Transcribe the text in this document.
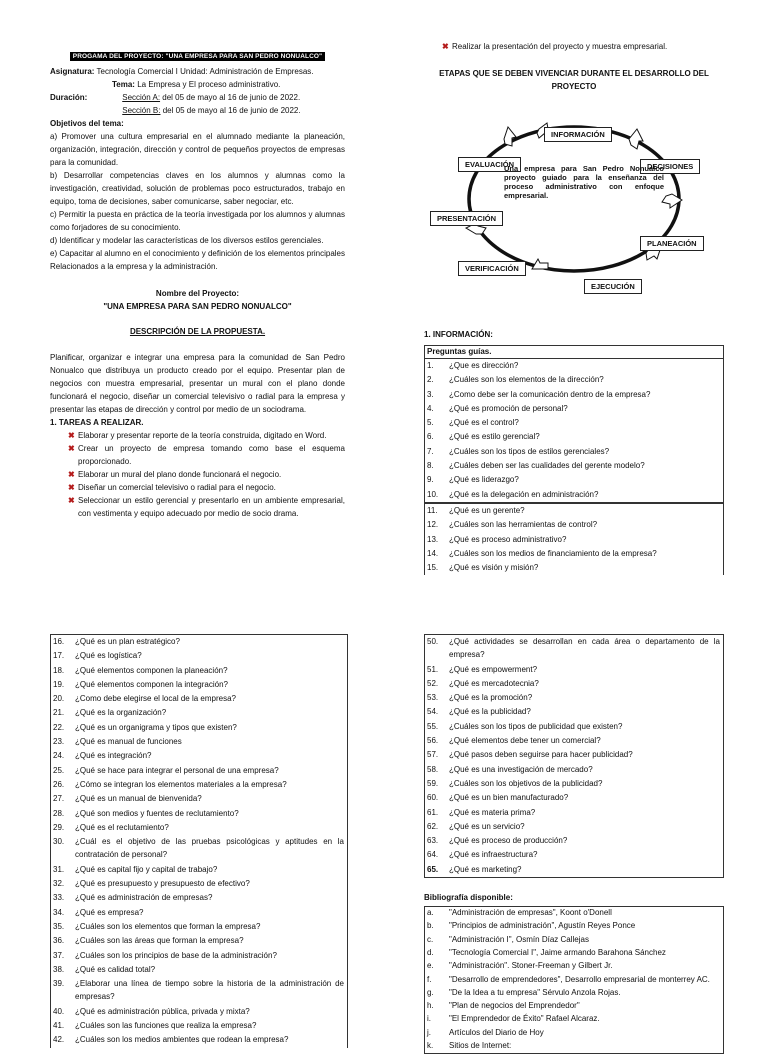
PROGAMA DEL PROYECTO: "UNA EMPRESA PARA SAN PEDRO NONUALCO"
Asignatura: Tecnología Comercial I Unidad: Administración de Empresas.
Tema: La Empresa y El proceso administrativo.
Duración:	Sección A: del 05 de mayo al 16 de junio de 2022.
Sección B: del 05 de mayo al 16 de junio de 2022.
Objetivos del tema:

a) Promover una cultura empresarial en el alumnado mediante la planeación, organización, integración, dirección y control de pequeños proyectos de empresas para la comunidad.

b) Desarrollar competencias claves en los alumnos y alumnas como la investigación, creatividad, solución de problemas poco estructurados, trabajo en equipo, toma de decisiones, saber comunicarse, saber negociar, etc.

c) Permitir la puesta en práctica de la teoría investigada por los alumnos y alumnas como forjadores de su conocimiento.

d) Identificar y modelar las características de los diversos estilos gerenciales.

e) Capacitar al alumno en el conocimiento y definición de los elementos principales Relacionados a la empresa y la administración.

Nombre del Proyecto:
"UNA EMPRESA PARA SAN PEDRO NONUALCO"
DESCRIPCIÓN DE LA PROPUESTA.

Planificar, organizar e integrar una empresa para la comunidad de San Pedro Nonualco que distribuya un producto creado por el equipo. Presentar plan de negocios con muestra empresarial, presentar un mural con el plano donde funcionará el negocio, diseñar un comercial televisivo o radial para la empresa y presentar las etapas de dirección y control por medio de un sociodrama.

1. TAREAS A REALIZAR.
✖ Elaborar y presentar reporte de la teoría construida, digitado en Word.
✖ Crear un proyecto de empresa tomando como base el esquema proporcionado.
✖ Elaborar un mural del plano donde funcionará el negocio.
✖ Diseñar un comercial televisivo o radial para el negocio.
✖ Seleccionar un estilo gerencial y presentarlo en un ambiente empresarial, con vestimenta y equipo adecuado por medio de socio drama.
✖ Realizar la presentación del proyecto y muestra empresarial.
ETAPAS QUE SE DEBEN VIVENCIAR DURANTE EL DESARROLLO DEL PROYECTO
INFORMACIÓN
DECISIONES
PLANEACIÓN
EJECUCIÓN
VERIFICACIÓN
PRESENTACIÓN
EVALUACIÓN
Una empresa para San Pedro Nonualco proyecto guiado para la enseñanza del proceso administrativo con enfoque empresarial.
1. INFORMACIÓN:
Preguntas guías.
1.	¿Que es dirección?
2.	¿Cuáles son los elementos de la dirección?
3.	¿Como debe ser la comunicación dentro de la empresa?
4.	¿Qué es promoción de personal?
5.	¿Qué es el control?
6.	¿Qué es estilo gerencial?
7.	¿Cuáles son los tipos de estilos gerenciales?
8.	¿Cuáles deben ser las cualidades del gerente modelo?
9.	¿Qué es liderazgo?
10.	¿Qué es la delegación en administración?
11.	¿Qué es un gerente?
12.	¿Cuáles son las herramientas de control?
13.	¿Qué es proceso administrativo?
14.	¿Cuáles son los medios de financiamiento de la empresa?
15.	¿Qué es visión y misión?
16.	¿Qué es un plan estratégico?
17.	¿Qué es logística?
18.	¿Qué elementos componen la planeación?
19.	¿Qué elementos componen la integración?
20.	¿Como debe elegirse el local de la empresa?
21.	¿Qué es la organización?
22.	¿Qué es un organigrama y tipos que existen?
23.	¿Qué es manual de funciones
24.	¿Qué es integración?
25.	¿Qué se hace para integrar el personal de una empresa?
26.	¿Cómo se integran los elementos materiales a la empresa?
27.	¿Qué es un manual de bienvenida?
28.	¿Qué son medios y fuentes de reclutamiento?
29.	¿Qué es el reclutamiento?
30.	¿Cuál es el objetivo de las pruebas psicológicas y aptitudes en la contratación de personal?
31.	¿Qué es capital fijo y capital de trabajo?
32.	¿Qué es presupuesto y presupuesto de efectivo?
33.	¿Qué es administración de empresas?
34.	¿Qué es empresa?
35.	¿Cuáles son los elementos que forman la empresa?
36.	¿Cuáles son las áreas que forman la empresa?
37.	¿Cuáles son los principios de base de la administración?
38.	¿Qué es calidad total?
39.	¿Elaborar una línea de tiempo sobre la historia de la administración de empresas?
40.	¿Qué es administración pública, privada y mixta?
41.	¿Cuáles son las funciones que realiza la empresa?
42.	¿Cuáles son los medios ambientes que rodean la empresa?
50.	¿Qué actividades se desarrollan en cada área o departamento de la empresa?
51.	¿Qué es empowerment?
52.	¿Qué es mercadotecnia?
53.	¿Qué es la promoción?
54.	¿Qué es la publicidad?
55.	¿Cuáles son los tipos de publicidad que existen?
56.	¿Qué elementos debe tener un comercial?
57.	¿Qué pasos deben seguirse para hacer publicidad?
58.	¿Qué es una investigación de mercado?
59.	¿Cuáles son los objetivos de la publicidad?
60.	¿Qué es un bien manufacturado?
61.	¿Qué es materia prima?
62.	¿Qué es un servicio?
63.	¿Qué es proceso de producción?
64.	¿Qué es infraestructura?
65.	¿Qué es marketing?
Bibliografía disponible:
a.	"Administración de empresas", Koont o'Donell
b.	"Principios de administración", Agustín Reyes Ponce
c.	"Administración I", Osmín Díaz Callejas
d.	"Tecnología Comercial I", Jaime armando Barahona Sánchez
e.	"Administración". Stoner-Freeman y Gilbert Jr.
f.	"Desarrollo de emprendedores", Desarrollo empresarial de monterrey AC.
g.	"De la Idea a tu empresa" Sérvulo Anzola Rojas.
h.	"Plan de negocios del Emprendedor"
i.	"El Emprendedor de Éxito" Rafael Alcaraz.
j.	Artículos del Diario de Hoy
k.	Sitios de Internet:
